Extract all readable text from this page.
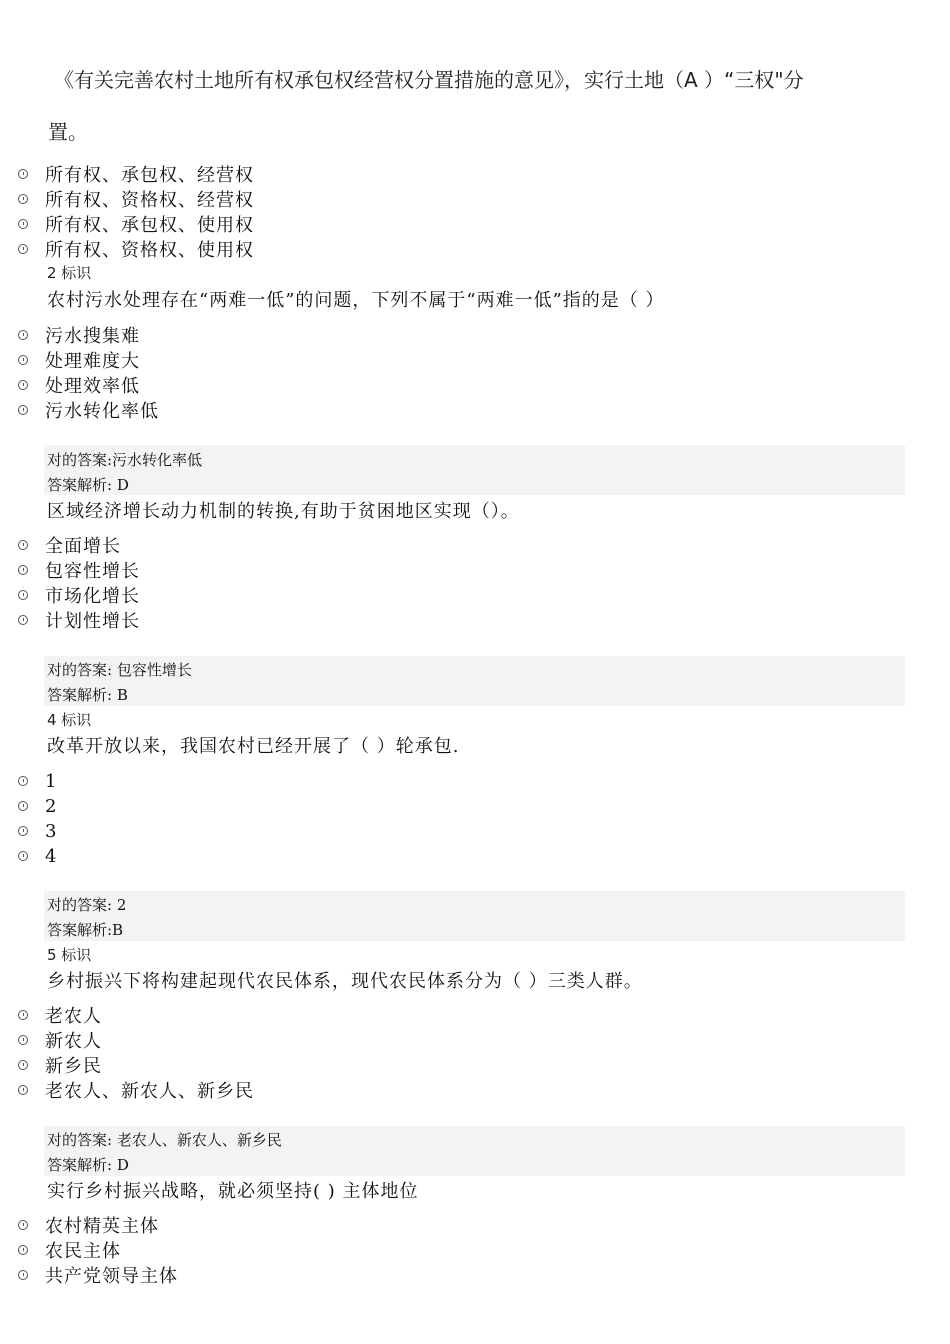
《有关完善农村土地所有权承包权经营权分置措施的意见》，实行土地（A ）“三权"分
置。
所有权、承包权、经营权
所有权、资格权、经营权
所有权、承包权、使用权
所有权、资格权、使用权
2 标识
农村污水处理存在“两难一低”的问题，下列不属于“两难一低”指的是（ ）
污水搜集难
处理难度大
处理效率低
污水转化率低
对的答案:污水转化率低
答案解析: D
区域经济增长动力机制的转换,有助于贫困地区实现（）。
全面增长
包容性增长
市场化增长
计划性增长
对的答案: 包容性增长
答案解析: B
4 标识
改革开放以来，我国农村已经开展了（ ）轮承包.
1
2
3
4
对的答案: 2
答案解析:B
5 标识
乡村振兴下将构建起现代农民体系，现代农民体系分为（ ）三类人群。
老农人
新农人
新乡民
老农人、新农人、新乡民
对的答案: 老农人、新农人、新乡民
答案解析: D
实行乡村振兴战略，就必须坚持( ) 主体地位
农村精英主体
农民主体
共产党领导主体
